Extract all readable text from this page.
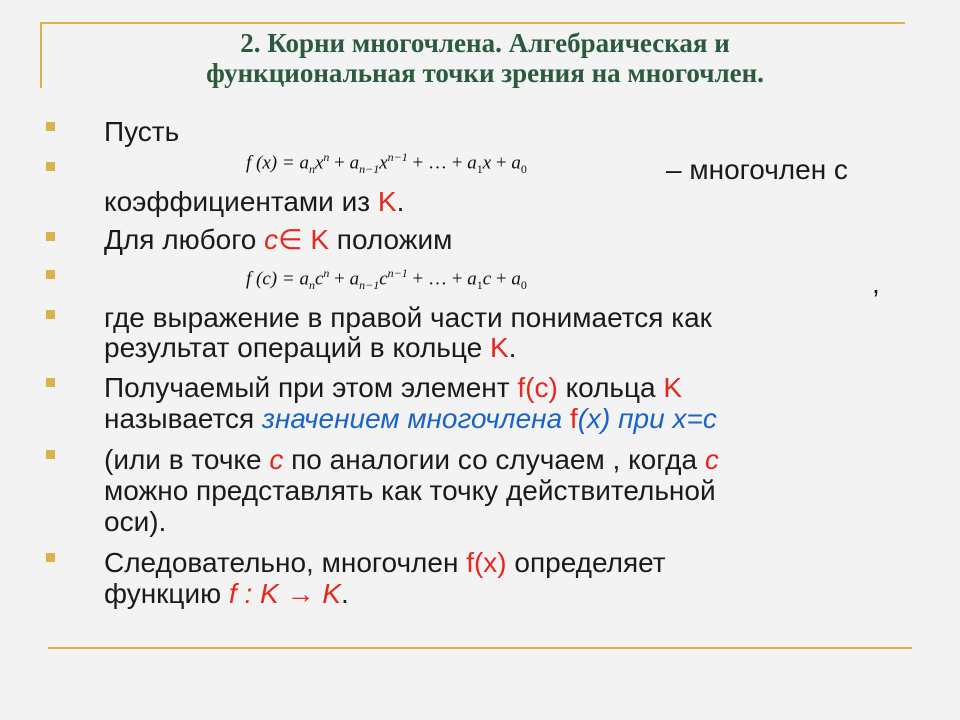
2. Корни многочлена. Алгебраическая и
функциональная точки зрения на многочлен.
Пусть
f $(x) = a_nx^n + a_{n-1}x^{n-1}$ + … + $a_1x + a_0$	– многочлен с
коэффициентами из K.
Для любого c∈ K положим
f $(c) = a_nc^n + a_{n-1}c^{n-1}$ + … + $a_1c + a_0$	,
где выражение в правой части понимается как
результат операций в кольце K.
Получаемый при этом элемент f(c) кольца K
называется значением многочлена f(x) при x=c
(или в точке c по аналогии со случаем , когда c
можно представлять как точку действительной
оси).
Следовательно, многочлен f(x) определяет
функцию f : K → K.
